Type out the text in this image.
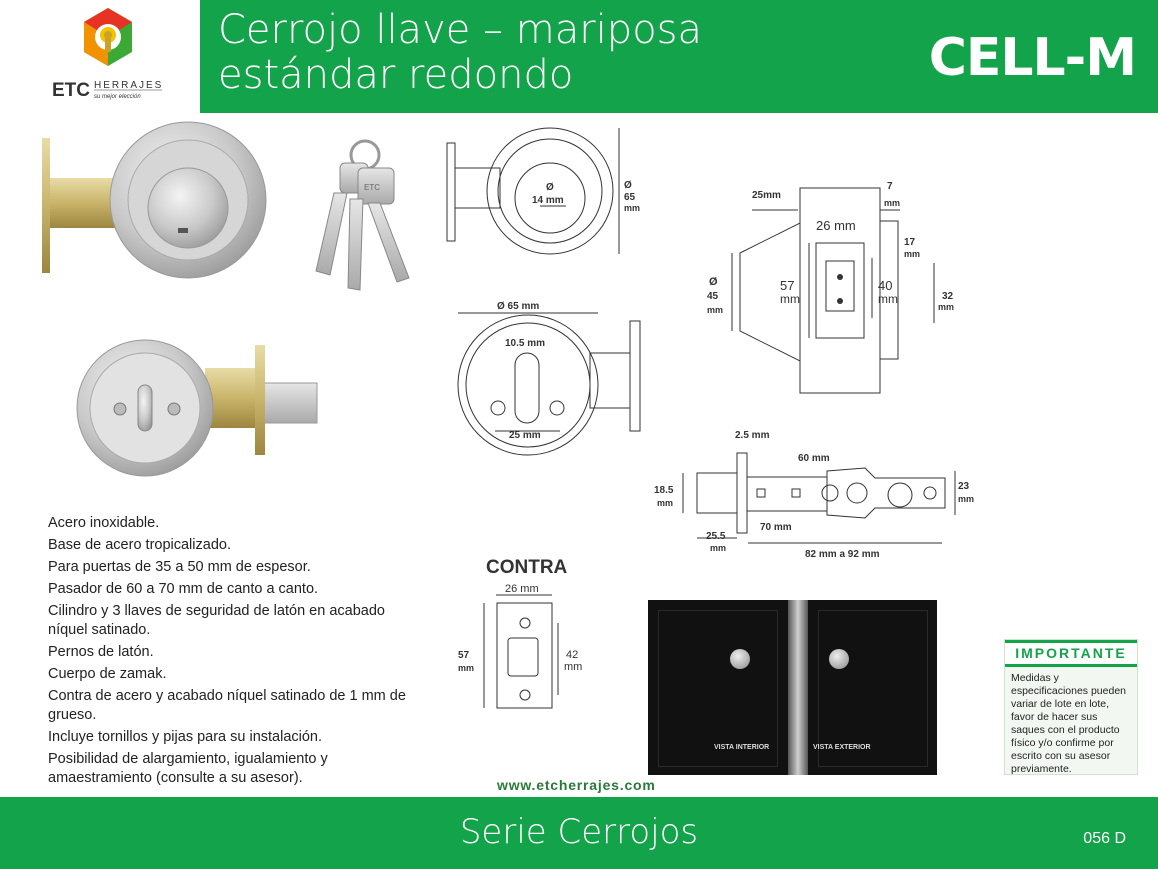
ETC HERRAJES
su mejor elección
Cerrojo llave – mariposa
estándar redondo	CELL-M
ETC	Ø
65
mm
Ø
14 mm
Ø 65 mm
10.5 mm
25 mm
25mm
7
mm
26 mm
17
mm
Ø
45
mm
57
mm
40
mm	32
mm
2.5 mm
60 mm
18.5
mm
23
mm
70 mm
25.5
mm
82 mm a 92 mm
26 mm
57
mm
42
mm
CONTRA
VISTA INTERIOR	VISTA EXTERIOR
Acero inoxidable.
Base de acero tropicalizado.
Para puertas de 35 a 50 mm de espesor.
Pasador de 60 a 70 mm de canto a canto.
Cilindro y 3 llaves de seguridad de latón en acabado níquel satinado.
Pernos de latón.
Cuerpo de zamak.
Contra de acero y acabado níquel satinado de 1 mm de grueso.
Incluye tornillos y pijas para su instalación.
Posibilidad de alargamiento, igualamiento y amaestramiento (consulte a su asesor).	www.etcherrajes.com
IMPORTANTE
Medidas y especificaciones pueden variar de lote en lote, favor de hacer sus saques con el producto físico y/o confirme por escrito con su asesor previamente.
Serie Cerrojos	056 D
